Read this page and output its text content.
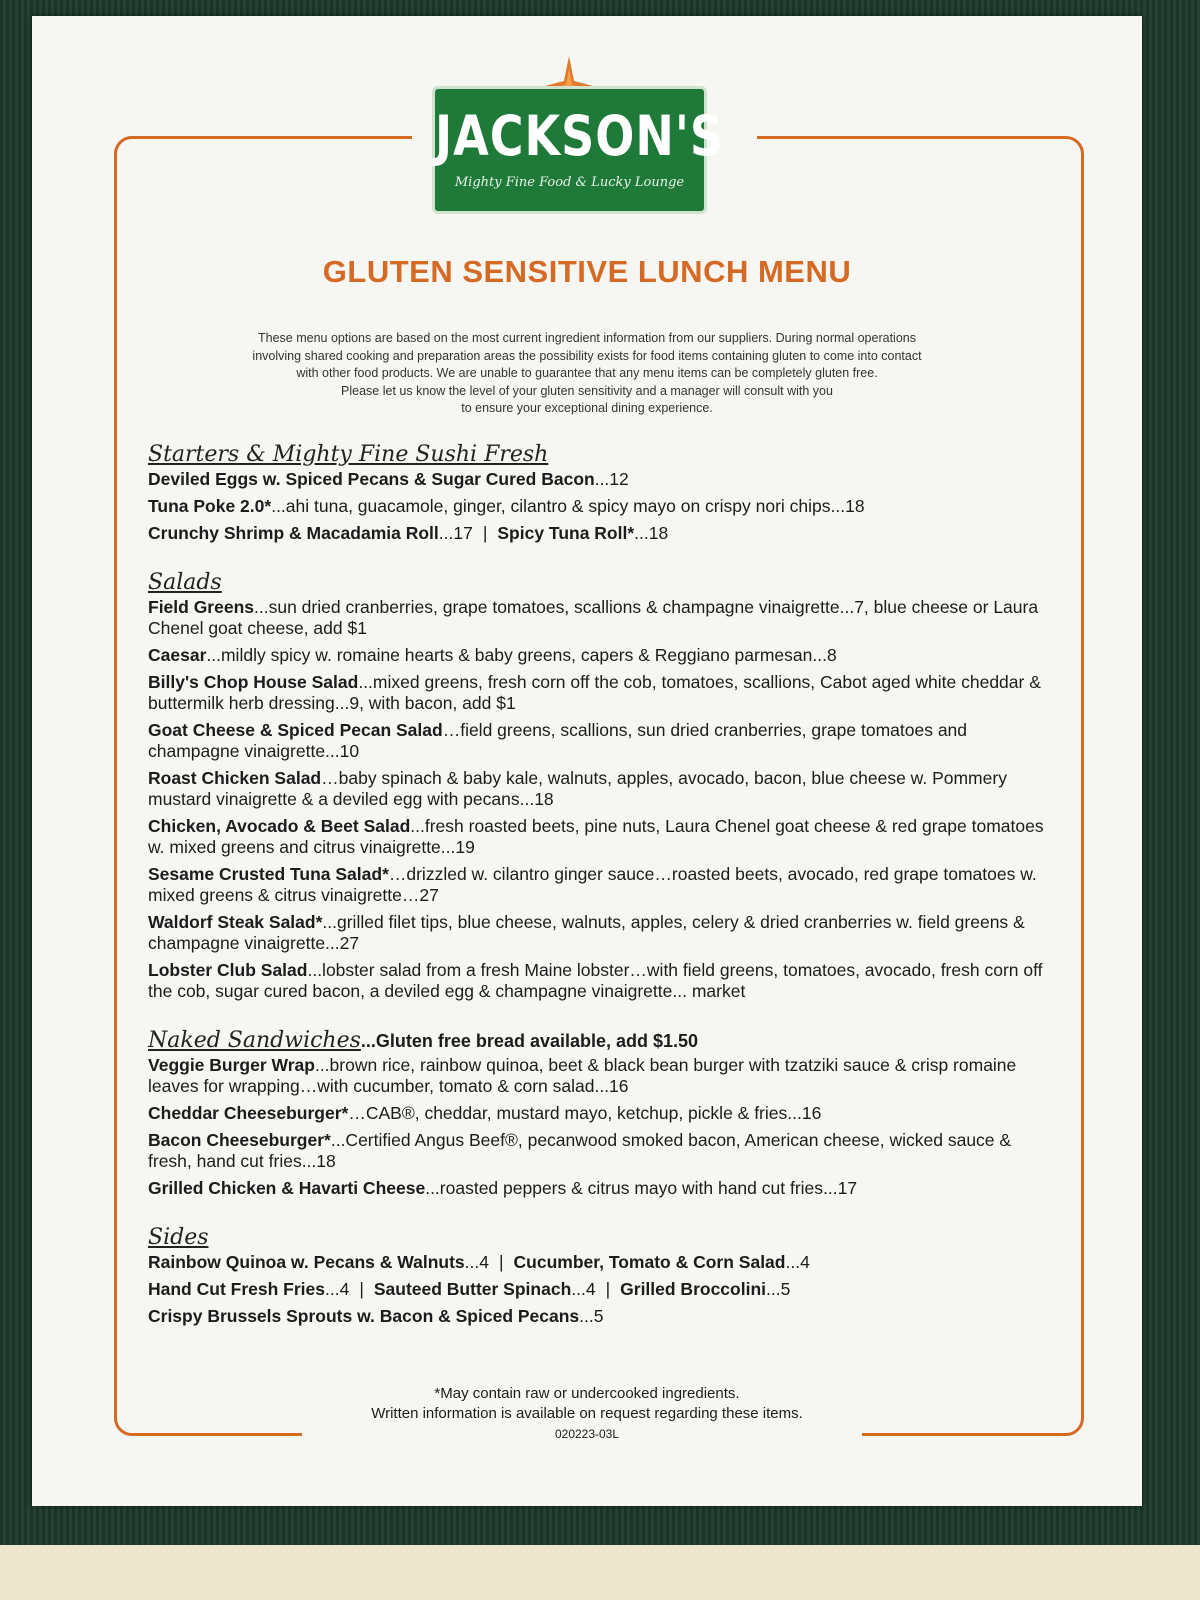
JACKSON'S
Mighty Fine Food & Lucky Lounge
GLUTEN SENSITIVE LUNCH MENU
These menu options are based on the most current ingredient information from our suppliers. During normal operations
involving shared cooking and preparation areas the possibility exists for food items containing gluten to come into contact
with other food products. We are unable to guarantee that any menu items can be completely gluten free.
Please let us know the level of your gluten sensitivity and a manager will consult with you
to ensure your exceptional dining experience.
Starters & Mighty Fine Sushi Fresh
Deviled Eggs w. Spiced Pecans & Sugar Cured Bacon...12
Tuna Poke 2.0*...ahi tuna, guacamole, ginger, cilantro & spicy mayo on crispy nori chips...18
Crunchy Shrimp & Macadamia Roll...17 | Spicy Tuna Roll*...18
Salads
Field Greens...sun dried cranberries, grape tomatoes, scallions & champagne vinaigrette...7, blue cheese or Laura Chenel goat cheese, add $1
Caesar...mildly spicy w. romaine hearts & baby greens, capers & Reggiano parmesan...8
Billy's Chop House Salad...mixed greens, fresh corn off the cob, tomatoes, scallions, Cabot aged white cheddar & buttermilk herb dressing...9, with bacon, add $1
Goat Cheese & Spiced Pecan Salad…field greens, scallions, sun dried cranberries, grape tomatoes and champagne vinaigrette...10
Roast Chicken Salad…baby spinach & baby kale, walnuts, apples, avocado, bacon, blue cheese w. Pommery mustard vinaigrette & a deviled egg with pecans...18
Chicken, Avocado & Beet Salad...fresh roasted beets, pine nuts, Laura Chenel goat cheese & red grape tomatoes w. mixed greens and citrus vinaigrette...19
Sesame Crusted Tuna Salad*…drizzled w. cilantro ginger sauce…roasted beets, avocado, red grape tomatoes w. mixed greens & citrus vinaigrette…27
Waldorf Steak Salad*...grilled filet tips, blue cheese, walnuts, apples, celery & dried cranberries w. field greens & champagne vinaigrette...27
Lobster Club Salad...lobster salad from a fresh Maine lobster…with field greens, tomatoes, avocado, fresh corn off the cob, sugar cured bacon, a deviled egg & champagne vinaigrette... market
Naked Sandwiches...Gluten free bread available, add $1.50
Veggie Burger Wrap...brown rice, rainbow quinoa, beet & black bean burger with tzatziki sauce & crisp romaine leaves for wrapping…with cucumber, tomato & corn salad...16
Cheddar Cheeseburger*…CAB®, cheddar, mustard mayo, ketchup, pickle & fries...16
Bacon Cheeseburger*...Certified Angus Beef®, pecanwood smoked bacon, American cheese, wicked sauce & fresh, hand cut fries...18
Grilled Chicken & Havarti Cheese...roasted peppers & citrus mayo with hand cut fries...17
Sides
Rainbow Quinoa w. Pecans & Walnuts...4 | Cucumber, Tomato & Corn Salad...4
Hand Cut Fresh Fries...4 | Sauteed Butter Spinach...4 | Grilled Broccolini...5
Crispy Brussels Sprouts w. Bacon & Spiced Pecans...5
*May contain raw or undercooked ingredients.
Written information is available on request regarding these items.
020223-03L
